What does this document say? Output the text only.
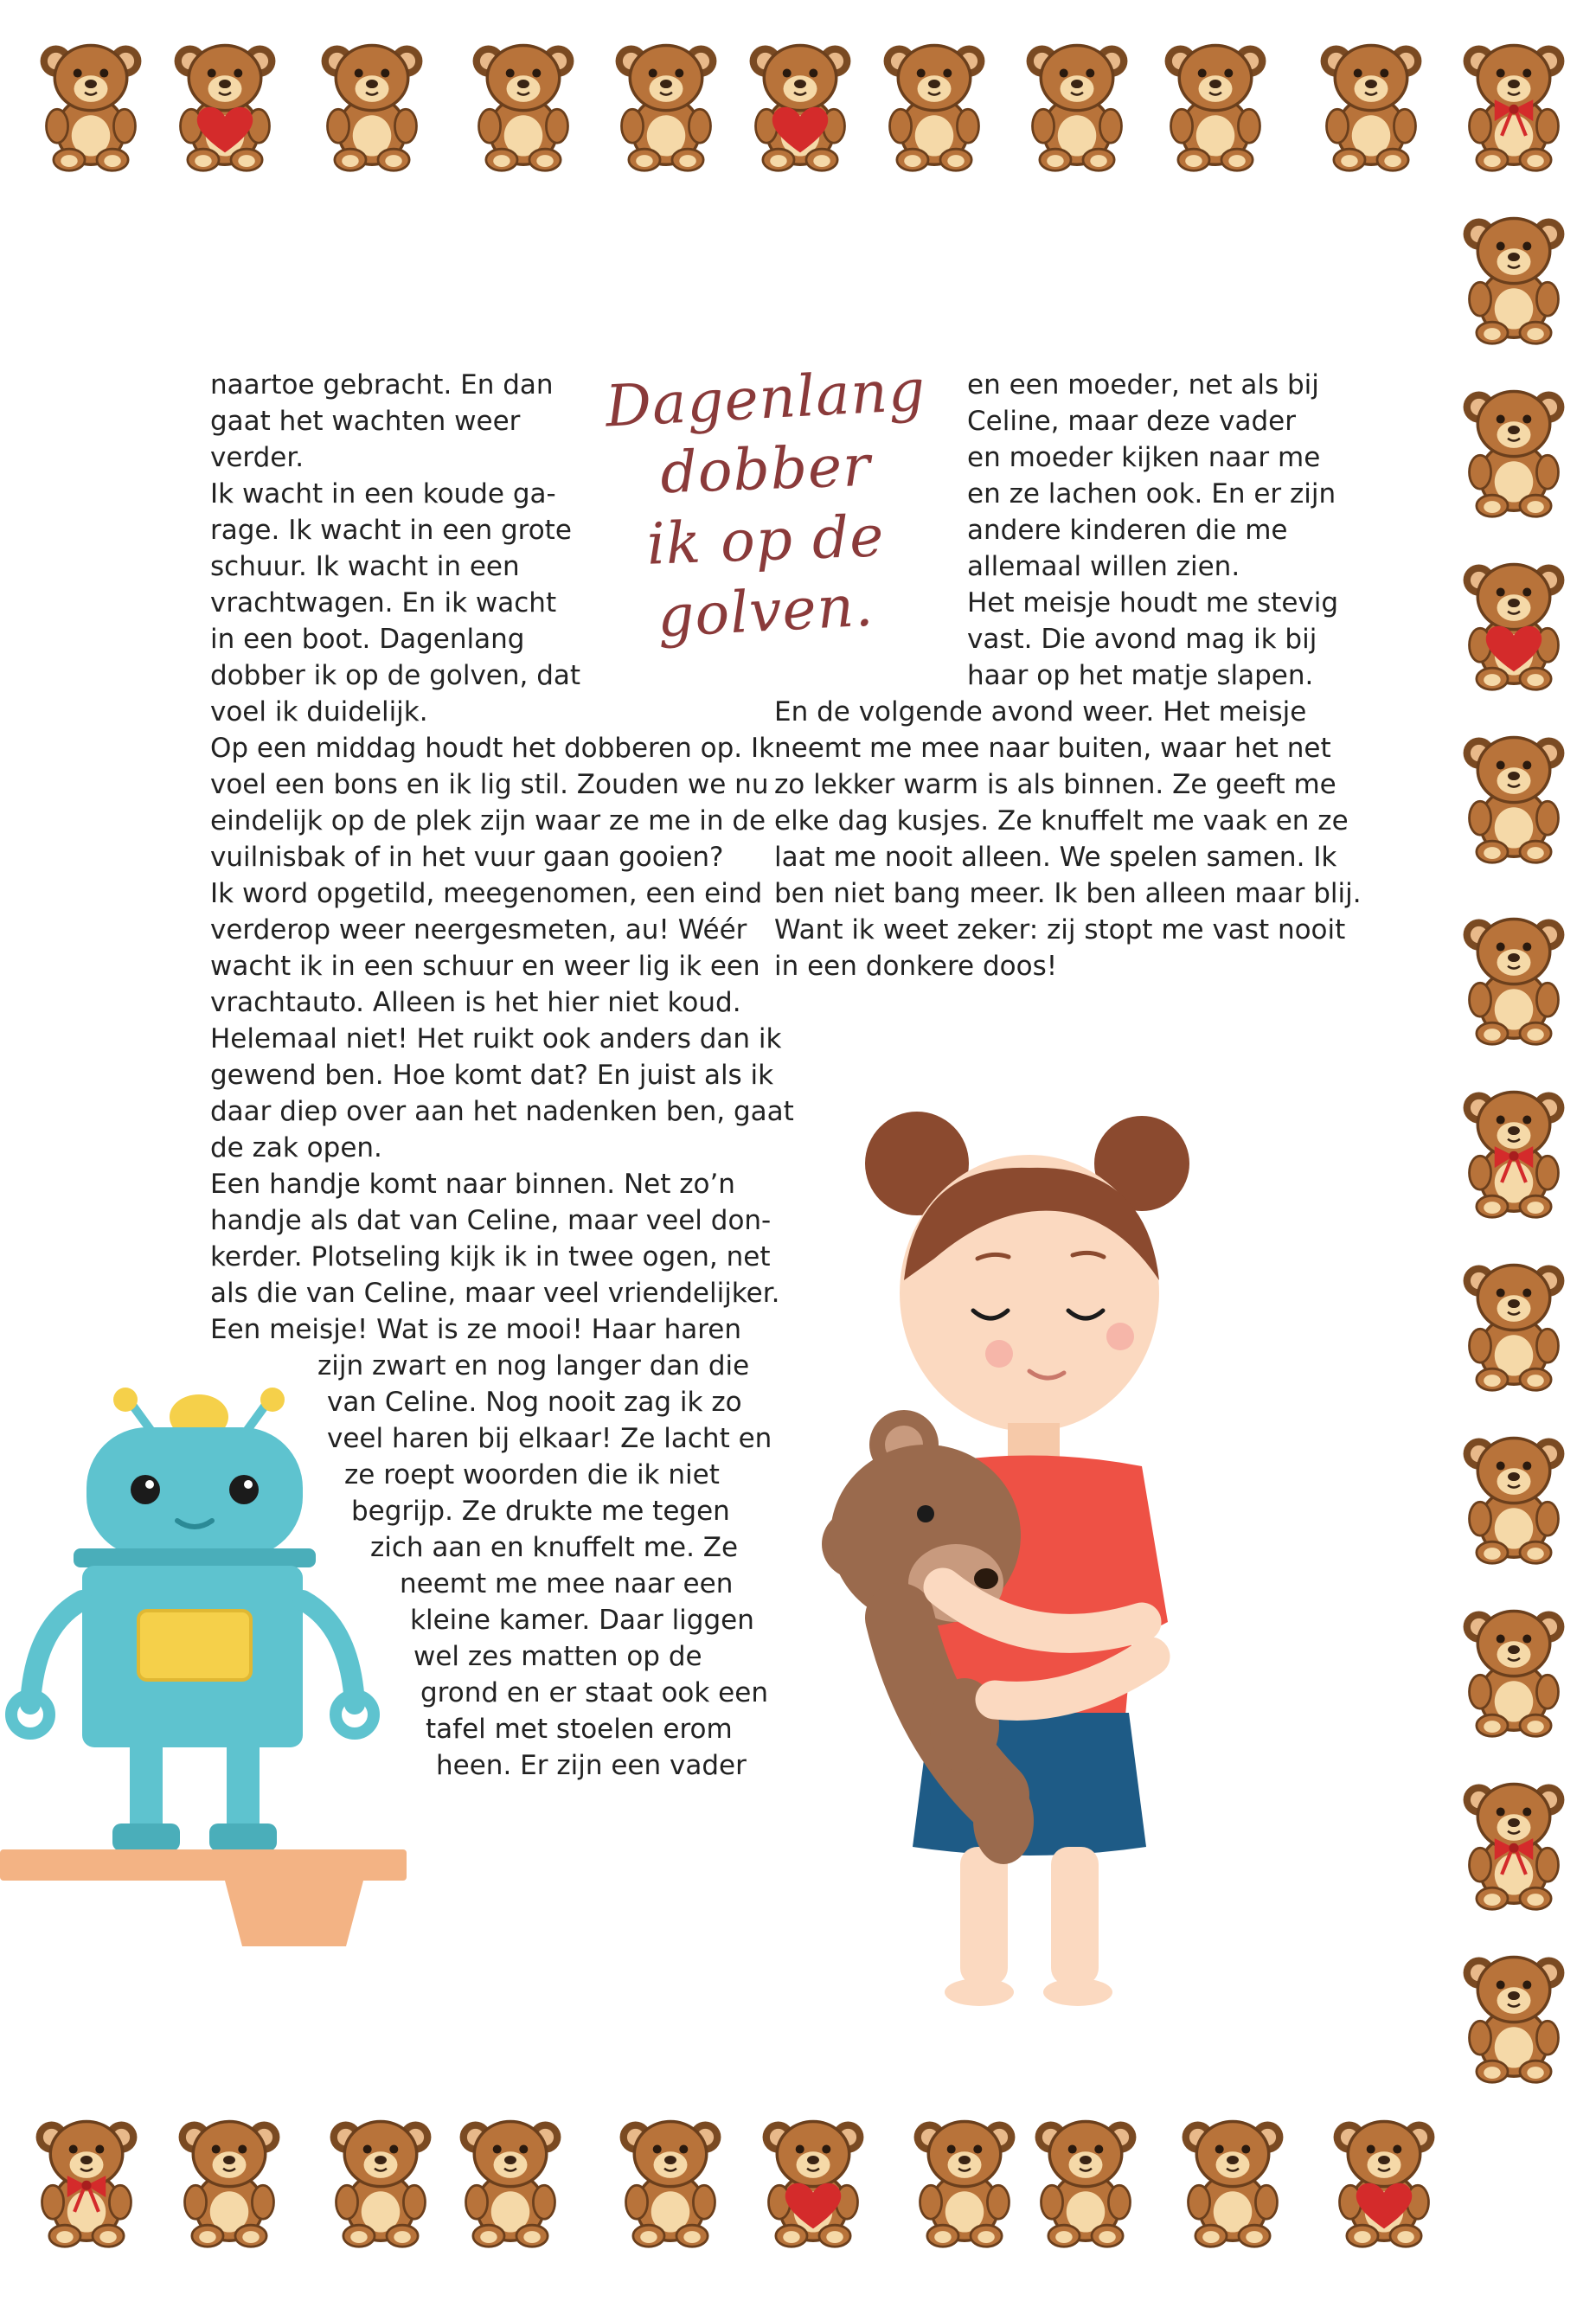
naartoe gebracht. En dan
gaat het wachten weer
verder.
Ik wacht in een koude ga-
rage. Ik wacht in een grote
schuur. Ik wacht in een
vrachtwagen. En ik wacht
in een boot. Dagenlang
dobber ik op de golven, dat
voel ik duidelijk.
Op een middag houdt het dobberen op. Ik
voel een bons en ik lig stil. Zouden we nu
eindelijk op de plek zijn waar ze me in de
vuilnisbak of in het vuur gaan gooien?
Ik word opgetild, meegenomen, een eind
verderop weer neergesmeten, au! Wéér
wacht ik in een schuur en weer lig ik een
vrachtauto. Alleen is het hier niet koud.
Helemaal niet! Het ruikt ook anders dan ik
gewend ben. Hoe komt dat? En juist als ik
daar diep over aan het nadenken ben, gaat
de zak open.
Een handje komt naar binnen. Net zo’n
handje als dat van Celine, maar veel don-
kerder. Plotseling kijk ik in twee ogen, net
als die van Celine, maar veel vriendelijker.
Een meisje! Wat is ze mooi! Haar haren
zijn zwart en nog langer dan die
van Celine. Nog nooit zag ik zo
veel haren bij elkaar! Ze lacht en
ze roept woorden die ik niet
begrijp. Ze drukte me tegen
zich aan en knuffelt me. Ze
neemt me mee naar een
kleine kamer. Daar liggen
wel zes matten op de
grond en er staat ook een
tafel met stoelen erom
heen. Er zijn een vader
en een moeder, net als bij
Celine, maar deze vader
en moeder kijken naar me
en ze lachen ook. En er zijn
andere kinderen die me
allemaal willen zien.
Het meisje houdt me stevig
vast. Die avond mag ik bij
haar op het matje slapen.
En de volgende avond weer. Het meisje
neemt me mee naar buiten, waar het net
zo lekker warm is als binnen. Ze geeft me
elke dag kusjes. Ze knuffelt me vaak en ze
laat me nooit alleen. We spelen samen. Ik
ben niet bang meer. Ik ben alleen maar blij.
Want ik weet zeker: zij stopt me vast nooit
in een donkere doos!
Dagenlang
dobber
ik op de
golven.
